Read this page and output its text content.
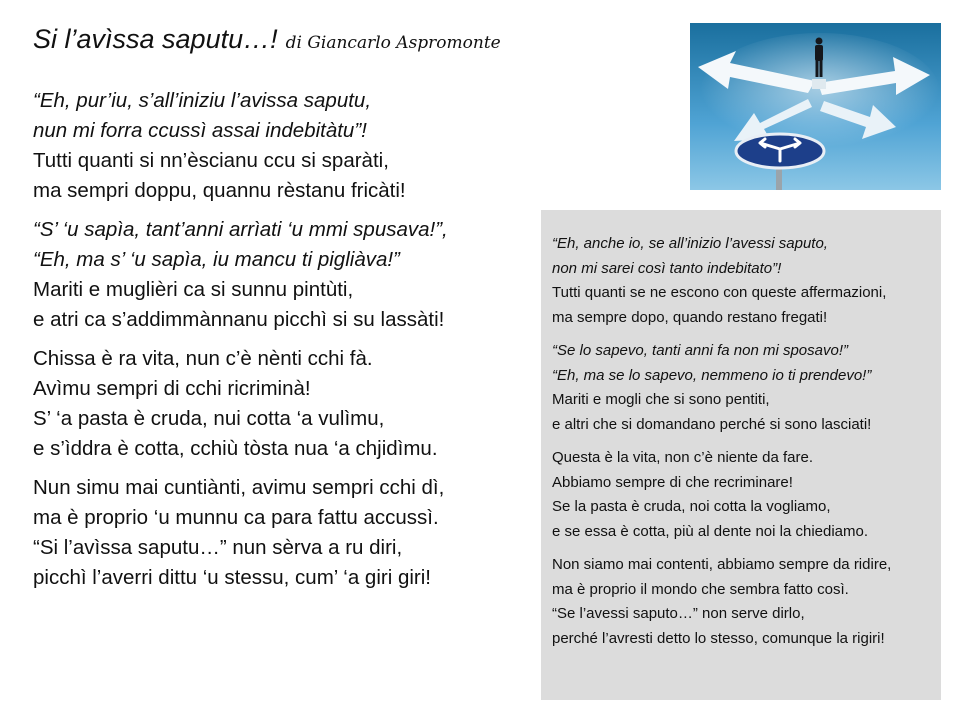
Si l’avìssa saputu…! di Giancarlo Aspromonte
“Eh, pur’iu, s’all’iniziu l’avissa saputu,
nun mi forra ccussì assai indebitàtu”!
Tutti quanti si nn’èscianu ccu si sparàti,
ma sempri doppu, quannu rèstanu fricàti!
“S’ ‘u sapìa, tant’anni arrìati ‘u mmi spusava!”,
“Eh, ma s’ ‘u sapìa, iu mancu ti pigliàva!”
Mariti e muglièri ca si sunnu pintùti,
e atri ca s’addimmànnanu picchì si su lassàti!
Chissa è ra vita, nun c’è nènti cchi fà.
Avìmu sempri di cchi ricriminà!
S’ ‘a pasta è cruda, nui cotta ‘a vulìmu,
e s’ìddra è cotta, cchiù tòsta nua ‘a chjidìmu.
Nun simu mai cuntiànti, avimu sempri cchi dì,
ma è proprio ‘u munnu ca para fattu accussì.
“Si l’avìssa saputu…” nun sèrva a ru diri,
picchì l’averri dittu ‘u stessu, cum’ ‘a giri giri!
“Eh, anche io, se all’inizio l’avessi saputo,
non mi sarei così tanto indebitato”!
Tutti quanti se ne escono con queste affermazioni,
ma sempre dopo, quando restano fregati!
“Se lo sapevo, tanti anni fa non mi sposavo!”
“Eh, ma se lo sapevo, nemmeno io ti prendevo!”
Mariti e mogli che si sono pentiti,
e altri che si domandano perché si sono lasciati!
Questa è la vita, non c’è niente da fare.
Abbiamo sempre di che recriminare!
Se la pasta è cruda, noi cotta la vogliamo,
e se essa è cotta, più al dente noi la chiediamo.
Non siamo mai contenti, abbiamo sempre da ridire,
ma è proprio il mondo che sembra fatto così.
“Se l’avessi saputo…” non serve dirlo,
perché l’avresti detto lo stesso, comunque la rigiri!
